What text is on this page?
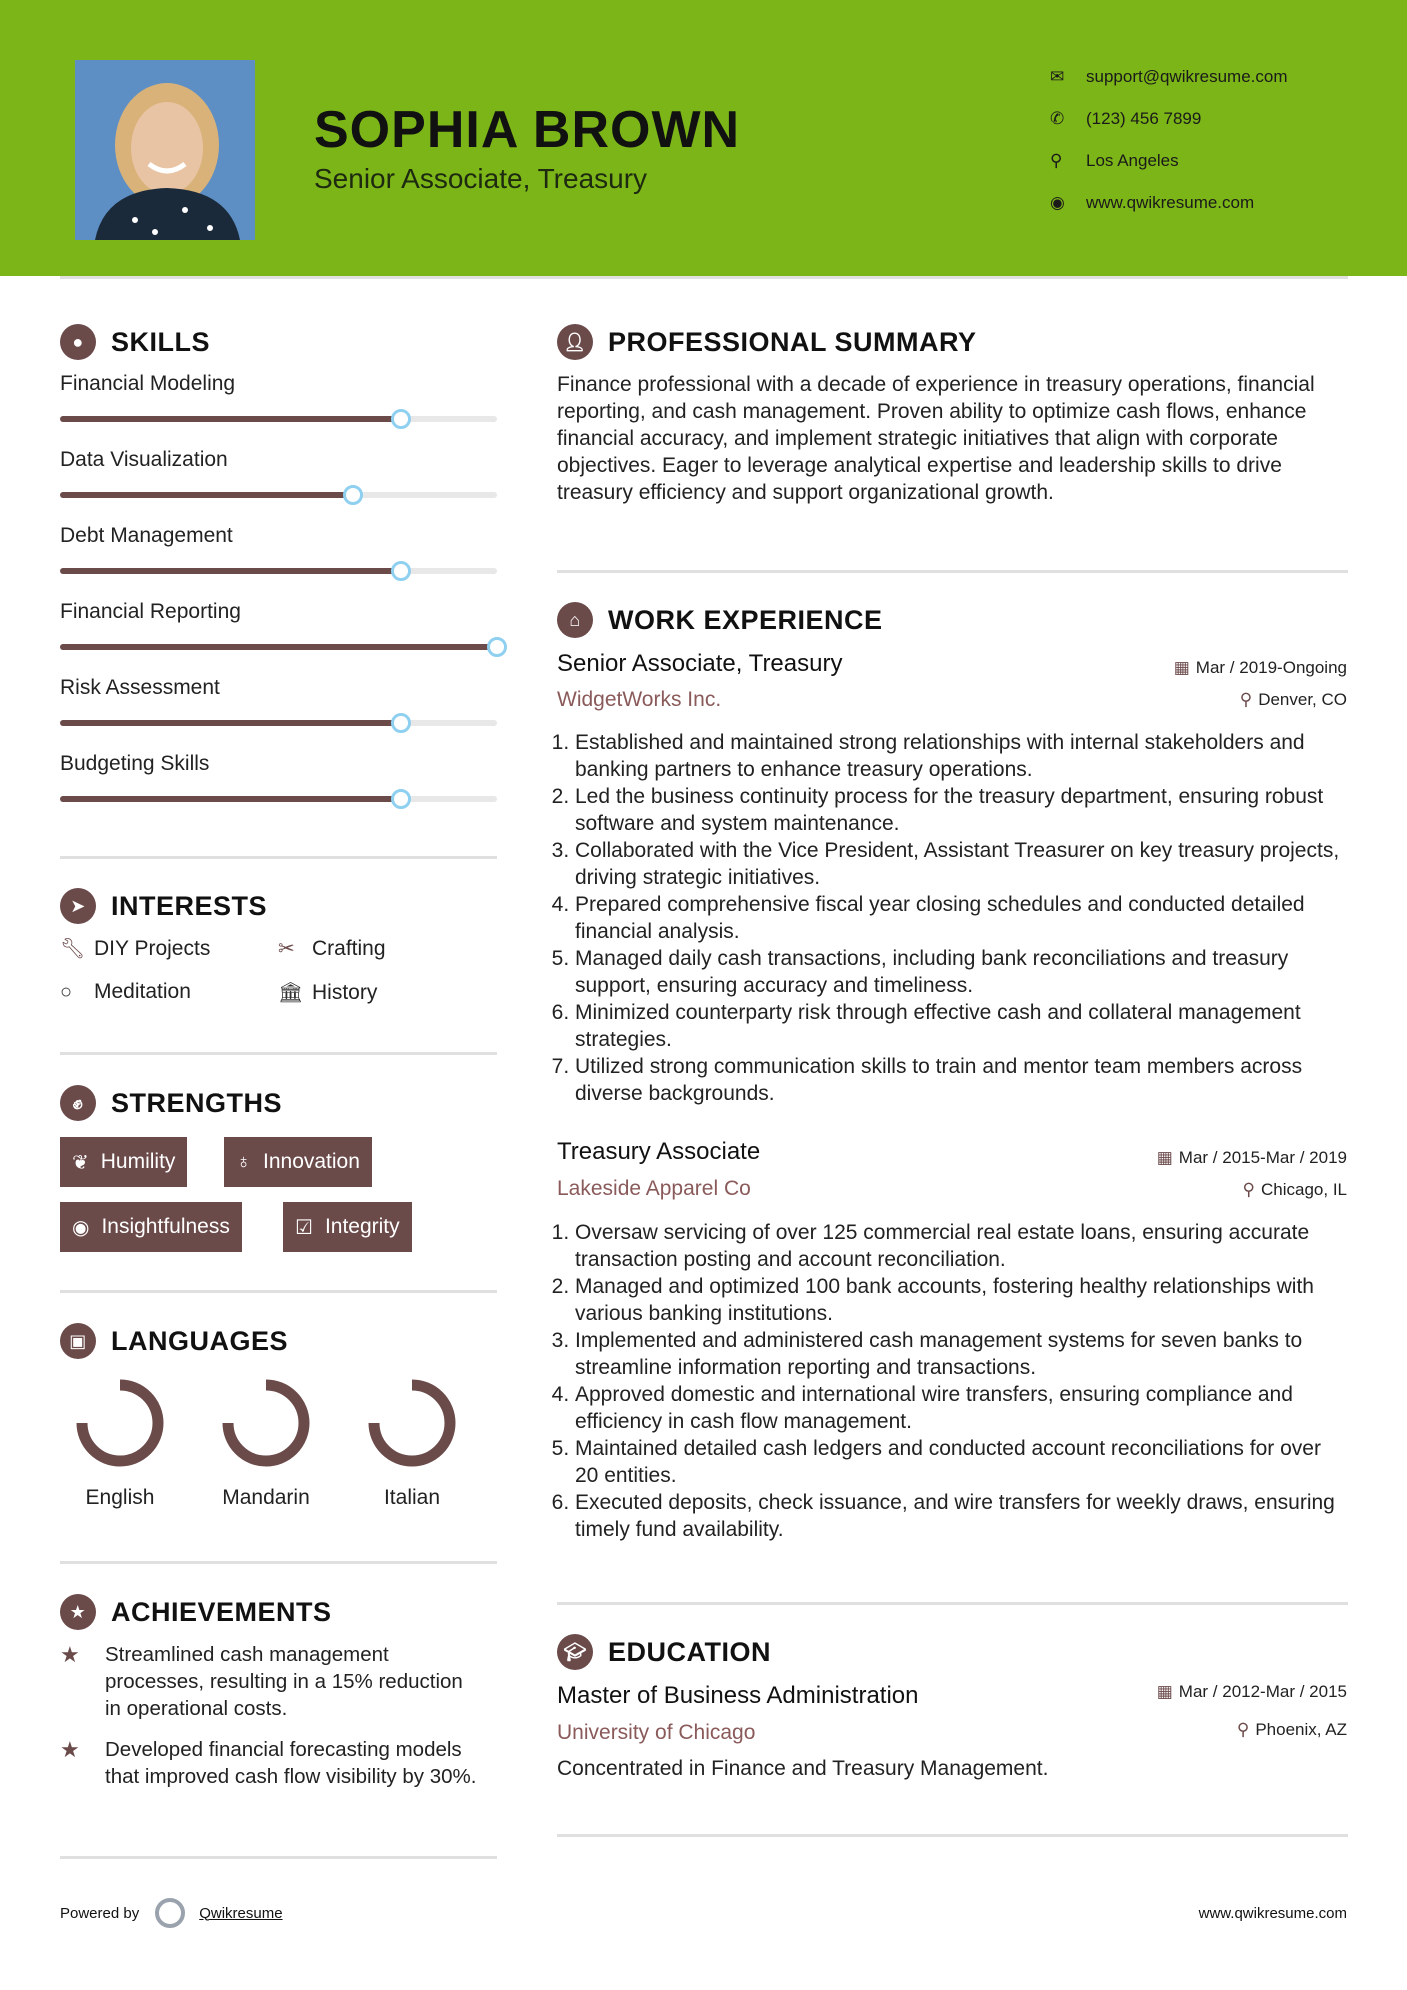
SOPHIA BROWN
Senior Associate, Treasury
✉	support@qwikresume.com
✆	(123) 456 7899
⚲	Los Angeles
◉	www.qwikresume.com
●	SKILLS
Financial Modeling
Data Visualization
Debt Management
Financial Reporting
Risk Assessment
Budgeting Skills
➤ INTERESTS
🔧︎ DIY Projects	✂ Crafting
○	Meditation	🏛︎ History
✊︎	STRENGTHS
❦ Humility	♁ Innovation
◉ Insightfulness	☑ Integrity
▣ LANGUAGES
English	Mandarin	Italian
★ ACHIEVEMENTS
★	Streamlined cash management processes, resulting in a 15% reduction in operational costs.
★	Developed financial forecasting models that improved cash flow visibility by 30%.
👤︎ PROFESSIONAL SUMMARY
Finance professional with a decade of experience in treasury operations, financial reporting, and cash management. Proven ability to optimize cash flows, enhance financial accuracy, and implement strategic initiatives that align with corporate objectives. Eager to leverage analytical expertise and leadership skills to drive treasury efficiency and support organizational growth.
⌂	WORK EXPERIENCE
Senior Associate, Treasury
WidgetWorks Inc.
▦ Mar / 2019-Ongoing
⚲ Denver, CO
1. Established and maintained strong relationships with internal stakeholders and banking partners to enhance treasury operations.
2. Led the business continuity process for the treasury department, ensuring robust software and system maintenance.
3. Collaborated with the Vice President, Assistant Treasurer on key treasury projects, driving strategic initiatives.
4. Prepared comprehensive fiscal year closing schedules and conducted detailed financial analysis.
5. Managed daily cash transactions, including bank reconciliations and treasury support, ensuring accuracy and timeliness.
6. Minimized counterparty risk through effective cash and collateral management strategies.
7. Utilized strong communication skills to train and mentor team members across diverse backgrounds.
Treasury Associate
Lakeside Apparel Co
▦ Mar / 2015-Mar / 2019
⚲ Chicago, IL
1. Oversaw servicing of over 125 commercial real estate loans, ensuring accurate transaction posting and account reconciliation.
2. Managed and optimized 100 bank accounts, fostering healthy relationships with various banking institutions.
3. Implemented and administered cash management systems for seven banks to streamline information reporting and transactions.
4. Approved domestic and international wire transfers, ensuring compliance and efficiency in cash flow management.
5. Maintained detailed cash ledgers and conducted account reconciliations for over 20 entities.
6. Executed deposits, check issuance, and wire transfers for weekly draws, ensuring timely fund availability.
🎓︎ EDUCATION
Master of Business Administration
University of Chicago
▦ Mar / 2012-Mar / 2015
⚲ Phoenix, AZ
Concentrated in Finance and Treasury Management.
Powered by	Qwikresume	www.qwikresume.com
